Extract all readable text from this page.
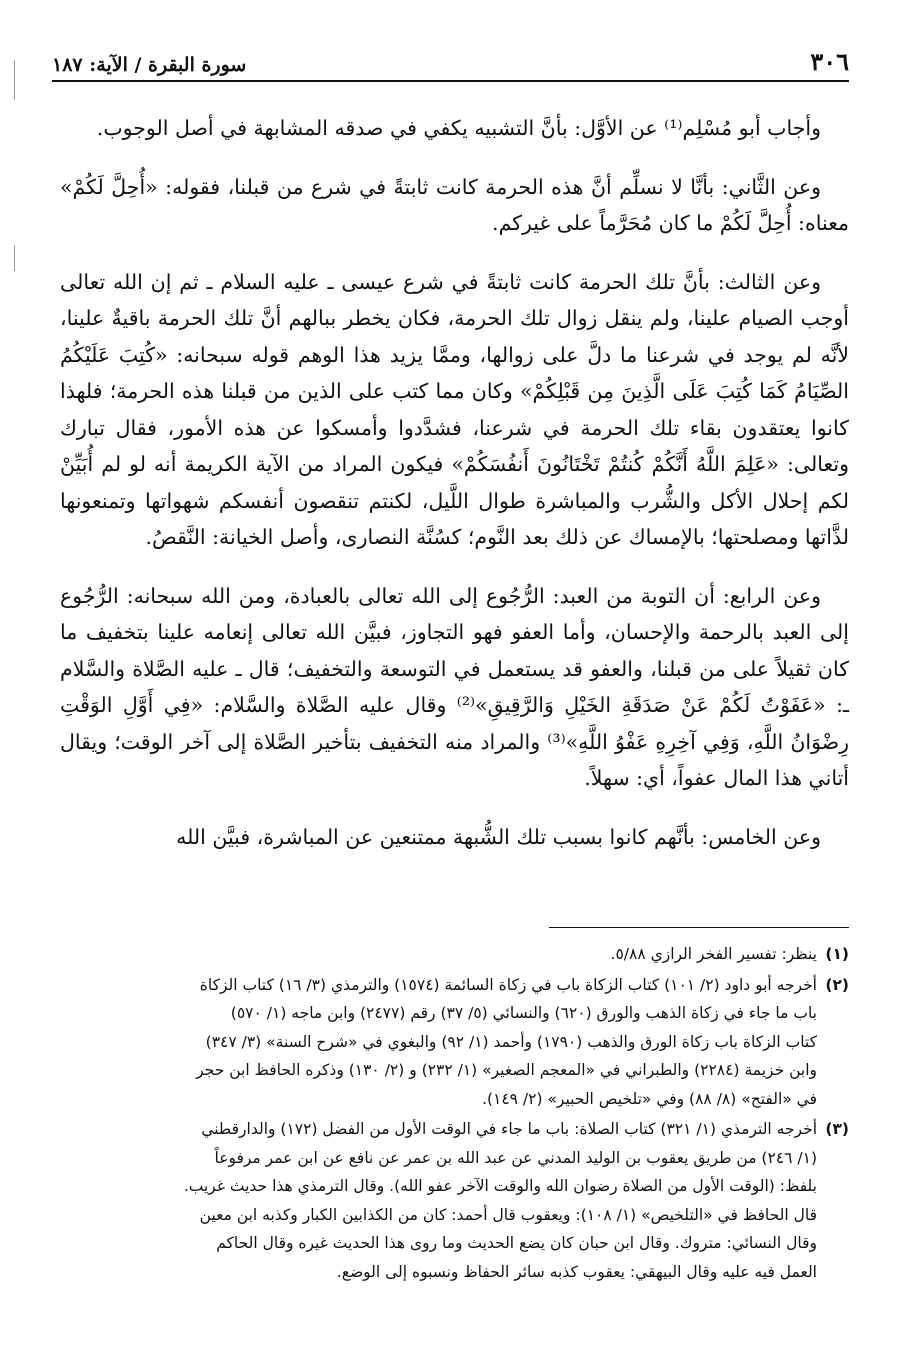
٣٠٦
سورة البقرة / الآية: ١٨٧

وأجاب أبو مُسْلِم⁽¹⁾ عن الأوَّل: بأنَّ التشبيه يكفي في صدقه المشابهة في أصل الوجوب.

وعن الثَّاني: بأنَّا لا نسلِّم أنَّ هذه الحرمة كانت ثابتةً في شرع من قبلنا، فقوله: «أُحِلَّ لَكُمْ» معناه: أُحِلَّ لَكُمْ ما كان مُحَرَّماً على غيركم.

وعن الثالث: بأنَّ تلك الحرمة كانت ثابتةً في شرع عيسى ـ عليه السلام ـ ثم إن الله تعالى أوجب الصيام علينا، ولم ينقل زوال تلك الحرمة، فكان يخطر ببالهم أنَّ تلك الحرمة باقيةٌ علينا، لأنَّه لم يوجد في شرعنا ما دلَّ على زوالها، وممَّا يزيد هذا الوهم قوله سبحانه: «كُتِبَ عَلَيْكُمُ الصِّيَامُ كَمَا كُتِبَ عَلَى الَّذِينَ مِن قَبْلِكُمْ» وكان مما كتب على الذين من قبلنا هذه الحرمة؛ فلهذا كانوا يعتقدون بقاء تلك الحرمة في شرعنا، فشدَّدوا وأمسكوا عن هذه الأمور، فقال تبارك وتعالى: «عَلِمَ اللَّهُ أَنَّكُمْ كُنتُمْ تَخْتَانُونَ أَنفُسَكُمْ» فيكون المراد من الآية الكريمة أنه لو لم أُبَيِّنْ لكم إحلال الأكل والشُّرب والمباشرة طوال اللَّيل، لكنتم تنقصون أنفسكم شهواتها وتمنعونها لذَّاتها ومصلحتها؛ بالإمساك عن ذلك بعد النَّوم؛ كسُنَّة النصارى، وأصل الخيانة: النَّقصُ.

وعن الرابع: أن التوبة من العبد: الرُّجُوع إلى الله تعالى بالعبادة، ومن الله سبحانه: الرُّجُوع إلى العبد بالرحمة والإحسان، وأما العفو فهو التجاوز، فبيَّن الله تعالى إنعامه علينا بتخفيف ما كان ثقيلاً على من قبلنا، والعفو قد يستعمل في التوسعة والتخفيف؛ قال ـ عليه الصَّلاة والسَّلام ـ: «عَفَوْتُ لَكُمْ عَنْ صَدَقَةِ الخَيْلِ وَالرَّقِيقِ»⁽²⁾ وقال عليه الصَّلاة والسَّلام: «فِي أَوَّلِ الوَقْتِ رِضْوَانُ اللَّهِ، وَفِي آخِرِهِ عَفْوُ اللَّهِ»⁽³⁾ والمراد منه التخفيف بتأخير الصَّلاة إلى آخر الوقت؛ ويقال أتاني هذا المال عفواً، أي: سهلاً.

وعن الخامس: بأنَّهم كانوا بسبب تلك الشُّبهة ممتنعين عن المباشرة، فبيَّن الله

(١)
ينظر: تفسير الفخر الرازي ٥/٨٨.
(٢)
أخرجه أبو داود (٢/ ١٠١) كتاب الزكاة باب في زكاة السائمة (١٥٧٤) والترمذي (٣/ ١٦) كتاب الزكاة
باب ما جاء في زكاة الذهب والورق (٦٢٠) والنسائي (٥/ ٣٧) رقم (٢٤٧٧) وابن ماجه (١/ ٥٧٠)
كتاب الزكاة باب زكاة الورق والذهب (١٧٩٠) وأحمد (١/ ٩٢) والبغوي في «شرح السنة» (٣/ ٣٤٧)
وابن خزيمة (٢٢٨٤) والطبراني في «المعجم الصغير» (١/ ٢٣٢) و (٢/ ١٣٠) وذكره الحافظ ابن حجر
في «الفتح» (٨/ ٨٨) وفي «تلخيص الحبير» (٢/ ١٤٩).
(٣)
أخرجه الترمذي (١/ ٣٢١) كتاب الصلاة: باب ما جاء في الوقت الأول من الفضل (١٧٢) والدارقطني
(١/ ٢٤٦) من طريق يعقوب بن الوليد المدني عن عبد الله بن عمر عن نافع عن ابن عمر مرفوعاً
بلفظ: (الوقت الأول من الصلاة رضوان الله والوقت الآخر عفو الله). وقال الترمذي هذا حديث غريب.
قال الحافظ في «التلخيص» (١/ ١٠٨): ويعقوب قال أحمد: كان من الكذابين الكبار وكذبه ابن معين
وقال النسائي: متروك. وقال ابن حبان كان يضع الحديث وما روى هذا الحديث غيره وقال الحاكم
العمل فيه عليه وقال البيهقي: يعقوب كذبه سائر الحفاظ ونسبوه إلى الوضع.
